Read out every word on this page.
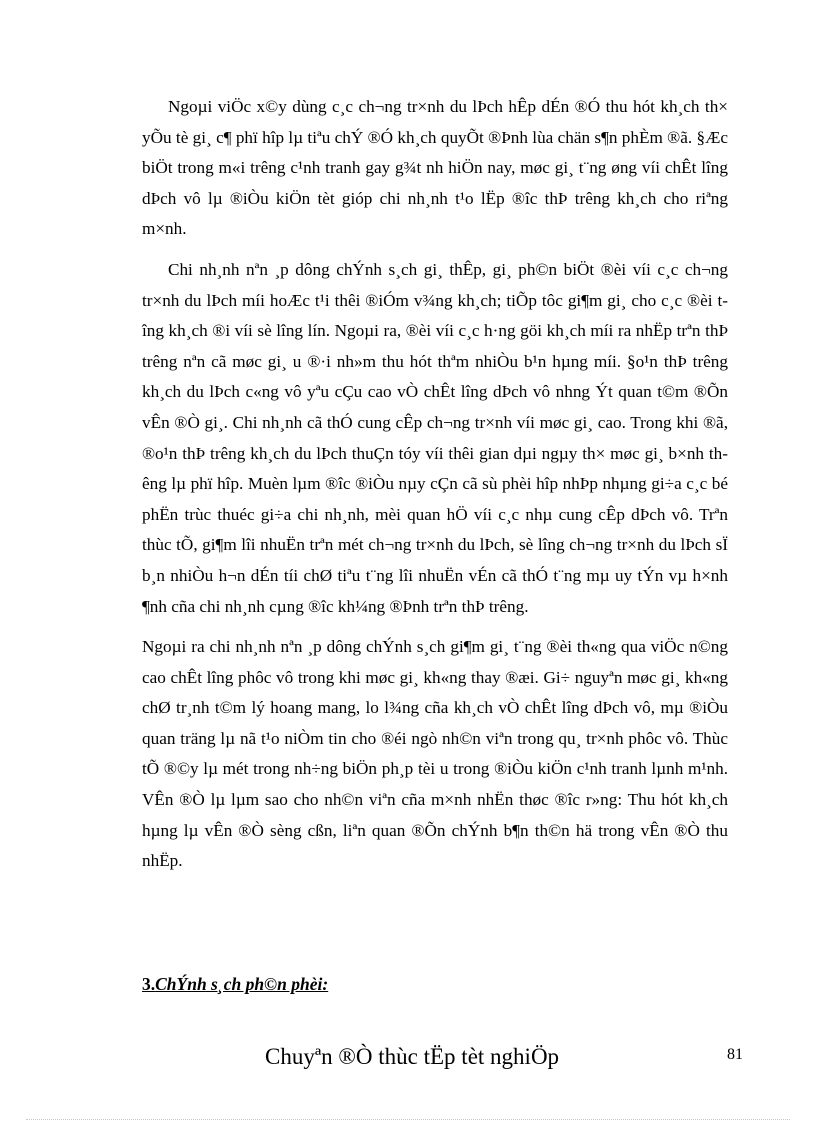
Ngoµi viÖc x©y dùng c¸c ch¬ng tr×nh du lÞch hÊp dÉn ®Ó thu hót kh¸ch th× yÕu tè gi¸ c¶ phï hîp lµ tiªu chÝ ®Ó kh¸ch quyÕt ®Þnh lùa chän s¶n phÈm ®ã. §Æc biÖt trong m«i trêng c¹nh tranh gay g¾t nh hiÖn nay, møc gi¸ t¨ng øng víi chÊt lîng dÞch vô lµ ®iÒu kiÖn tèt gióp chi nh¸nh t¹o lËp ®îc thÞ trêng kh¸ch cho riªng m×nh.

Chi nh¸nh nªn ¸p dông chÝnh s¸ch gi¸ thÊp, gi¸ ph©n biÖt ®èi víi c¸c ch¬ng tr×nh du lÞch míi hoÆc t¹i thêi ®iÓm v¾ng kh¸ch; tiÕp tôc gi¶m gi¸ cho c¸c ®èi tîng kh¸ch ®i víi sè lîng lín. Ngoµi ra, ®èi víi c¸c h·ng göi kh¸ch míi ra nhËp trªn thÞ trêng nªn cã møc gi¸ u ®·i nh»m thu hót thªm nhiÒu b¹n hµng míi. §o¹n thÞ trêng kh¸ch du lÞch c«ng vô yªu cÇu cao vÒ chÊt lîng dÞch vô nhng Ýt quan t©m ®Õn vÊn ®Ò gi¸. Chi nh¸nh cã thÓ cung cÊp ch¬ng tr×nh víi møc gi¸ cao. Trong khi ®ã, ®o¹n thÞ trêng kh¸ch du lÞch thuÇn tóy víi thêi gian dµi ngµy th× møc gi¸ b×nh thêng lµ phï hîp. Muèn lµm ®îc ®iÒu nµy cÇn cã sù phèi hîp nhÞp nhµng gi÷a c¸c bé phËn trùc thuéc gi÷a chi nh¸nh, mèi quan hÖ víi c¸c nhµ cung cÊp dÞch vô. Trªn thùc tÕ, gi¶m lîi nhuËn trªn mét ch¬ng tr×nh du lÞch, sè lîng ch¬ng tr×nh du lÞch sÏ b¸n nhiÒu h¬n dÉn tíi chØ tiªu t¨ng lîi nhuËn vÉn cã thÓ t¨ng mµ uy tÝn vµ h×nh ¶nh cña chi nh¸nh cµng ®îc kh¼ng ®Þnh trªn thÞ trêng.

Ngoµi ra chi nh¸nh nªn ¸p dông chÝnh s¸ch gi¶m gi¸ t¨ng ®èi th«ng qua viÖc n©ng cao chÊt lîng phôc vô trong khi møc gi¸ kh«ng thay ®æi. Gi÷ nguyªn møc gi¸ kh«ng chØ tr¸nh t©m lý hoang mang, lo l¾ng cña kh¸ch vÒ chÊt lîng dÞch vô, mµ ®iÒu quan träng lµ nã t¹o niÒm tin cho ®éi ngò nh©n viªn trong qu¸ tr×nh phôc vô. Thùc tÕ ®©y lµ mét trong nh÷ng biÖn ph¸p tèi u trong ®iÒu kiÖn c¹nh tranh lµnh m¹nh. VÊn ®Ò lµ lµm sao cho nh©n viªn cña m×nh nhËn thøc ®îc r»ng: Thu hót kh¸ch hµng lµ vÊn ®Ò sèng cßn, liªn quan ®Õn chÝnh b¶n th©n hä trong vÊn ®Ò thu nhËp.

3.ChÝnh s¸ch ph©n phèi:
Chuyªn ®Ò thùc tËp tèt nghiÖp	81
